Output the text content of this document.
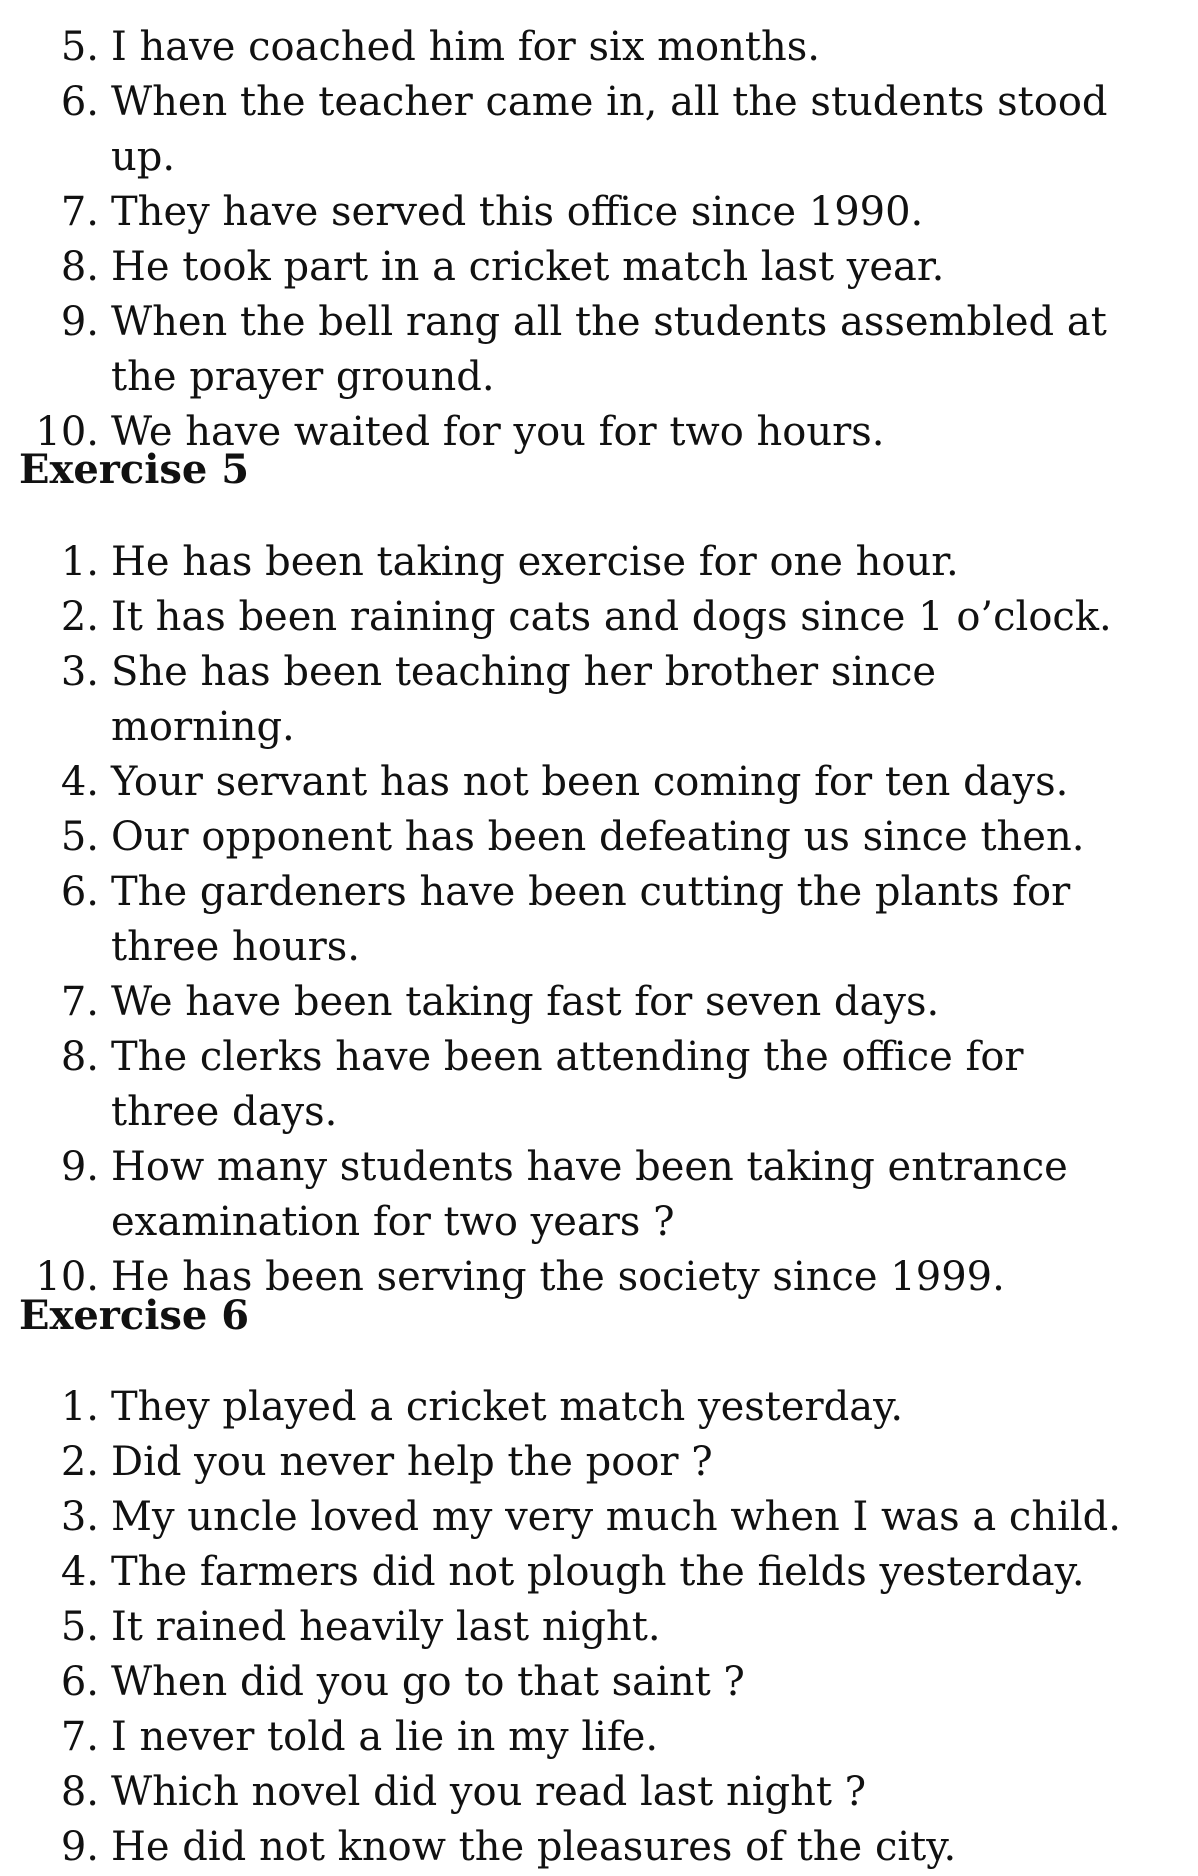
5. I have coached him for six months.
6. When the teacher came in, all the students stood up.
7. They have served this office since 1990.
8. He took part in a cricket match last year.
9. When the bell rang all the students assembled at the prayer ground.
10. We have waited for you for two hours.
Exercise 5
1. He has been taking exercise for one hour.
2. It has been raining cats and dogs since 1 o’clock.
3. She has been teaching her brother since morning.
4. Your servant has not been coming for ten days.
5. Our opponent has been defeating us since then.
6. The gardeners have been cutting the plants for three hours.
7. We have been taking fast for seven days.
8. The clerks have been attending the office for three days.
9. How many students have been taking entrance examination for two years ?
10. He has been serving the society since 1999.
Exercise 6
1. They played a cricket match yesterday.
2. Did you never help the poor ?
3. My uncle loved my very much when I was a child.
4. The farmers did not plough the fields yesterday.
5. It rained heavily last night.
6. When did you go to that saint ?
7. I never told a lie in my life.
8. Which novel did you read last night ?
9. He did not know the pleasures of the city.
